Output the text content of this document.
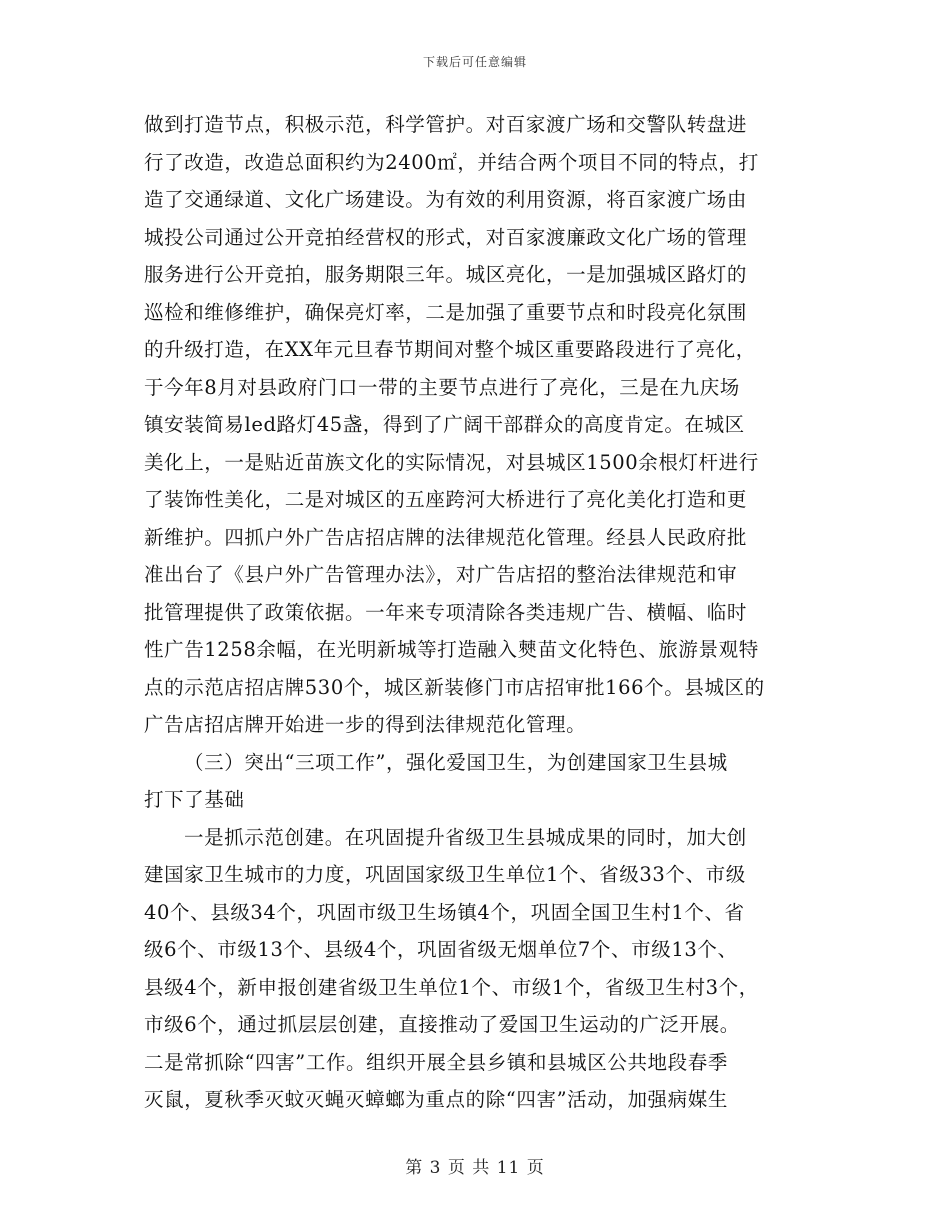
下载后可任意编辑
做到打造节点，积极示范，科学管护。对百家渡广场和交警队转盘进
行了改造，改造总面积约为2400㎡，并结合两个项目不同的特点，打
造了交通绿道、文化广场建设。为有效的利用资源，将百家渡广场由
城投公司通过公开竞拍经营权的形式，对百家渡廉政文化广场的管理
服务进行公开竞拍，服务期限三年。城区亮化，一是加强城区路灯的
巡检和维修维护，确保亮灯率，二是加强了重要节点和时段亮化氛围
的升级打造，在XX年元旦春节期间对整个城区重要路段进行了亮化，
于今年8月对县政府门口一带的主要节点进行了亮化，三是在九庆场
镇安装简易led路灯45盏，得到了广阔干部群众的高度肯定。在城区
美化上，一是贴近苗族文化的实际情况，对县城区1500余根灯杆进行
了装饰性美化，二是对城区的五座跨河大桥进行了亮化美化打造和更
新维护。四抓户外广告店招店牌的法律规范化管理。经县人民政府批
准出台了《县户外广告管理办法》，对广告店招的整治法律规范和审
批管理提供了政策依据。一年来专项清除各类违规广告、横幅、临时
性广告1258余幅，在光明新城等打造融入僰苗文化特色、旅游景观特
点的示范店招店牌530个，城区新装修门市店招审批166个。县城区的
广告店招店牌开始进一步的得到法律规范化管理。
（三）突出“三项工作”，强化爱国卫生，为创建国家卫生县城
打下了基础
一是抓示范创建。在巩固提升省级卫生县城成果的同时，加大创
建国家卫生城市的力度，巩固国家级卫生单位1个、省级33个、市级
40个、县级34个，巩固市级卫生场镇4个，巩固全国卫生村1个、省
级6个、市级13个、县级4个，巩固省级无烟单位7个、市级13个、
县级4个，新申报创建省级卫生单位1个、市级1个，省级卫生村3个，
市级6个，通过抓层层创建，直接推动了爱国卫生运动的广泛开展。
二是常抓除“四害”工作。组织开展全县乡镇和县城区公共地段春季
灭鼠，夏秋季灭蚊灭蝇灭蟑螂为重点的除“四害”活动，加强病媒生
第 3 页 共 11 页
